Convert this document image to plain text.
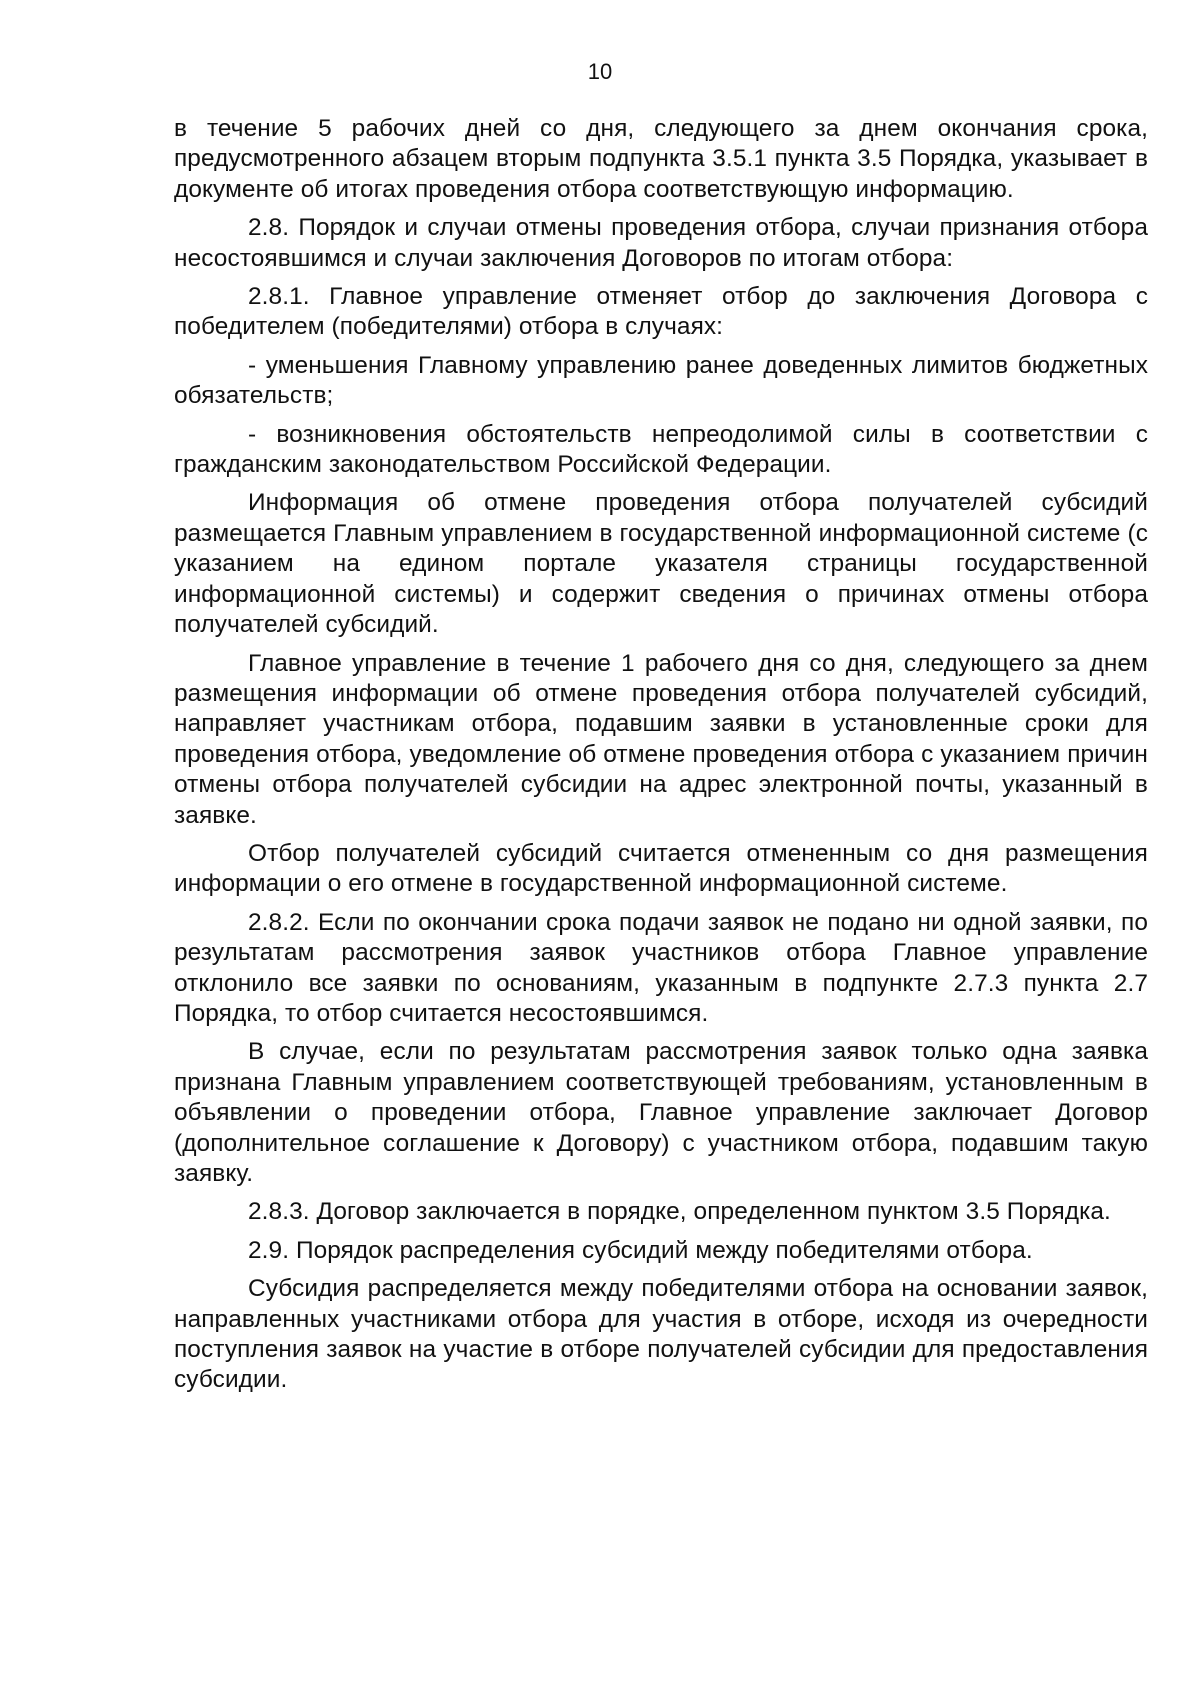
10

в течение 5 рабочих дней со дня, следующего за днем окончания срока, предусмотренного абзацем вторым подпункта 3.5.1 пункта 3.5 Порядка, указывает в документе об итогах проведения отбора соответствующую информацию.

2.8. Порядок и случаи отмены проведения отбора, случаи признания отбора несостоявшимся и случаи заключения Договоров по итогам отбора:

2.8.1. Главное управление отменяет отбор до заключения Договора с победителем (победителями) отбора в случаях:

- уменьшения Главному управлению ранее доведенных лимитов бюджетных обязательств;

- возникновения обстоятельств непреодолимой силы в соответствии с гражданским законодательством Российской Федерации.

Информация об отмене проведения отбора получателей субсидий размещается Главным управлением в государственной информационной системе (с указанием на едином портале указателя страницы государственной информационной системы) и содержит сведения о причинах отмены отбора получателей субсидий.

Главное управление в течение 1 рабочего дня со дня, следующего за днем размещения информации об отмене проведения отбора получателей субсидий, направляет участникам отбора, подавшим заявки в установленные сроки для проведения отбора, уведомление об отмене проведения отбора с указанием причин отмены отбора получателей субсидии на адрес электронной почты, указанный в заявке.

Отбор получателей субсидий считается отмененным со дня размещения информации о его отмене в государственной информационной системе.

2.8.2. Если по окончании срока подачи заявок не подано ни одной заявки, по результатам рассмотрения заявок участников отбора Главное управление отклонило все заявки по основаниям, указанным в подпункте 2.7.3 пункта 2.7 Порядка, то отбор считается несостоявшимся.

В случае, если по результатам рассмотрения заявок только одна заявка признана Главным управлением соответствующей требованиям, установленным в объявлении о проведении отбора, Главное управление заключает Договор (дополнительное соглашение к Договору) с участником отбора, подавшим такую заявку.

2.8.3. Договор заключается в порядке, определенном пунктом 3.5 Порядка.

2.9. Порядок распределения субсидий между победителями отбора.

Субсидия распределяется между победителями отбора на основании заявок, направленных участниками отбора для участия в отборе, исходя из очередности поступления заявок на участие в отборе получателей субсидии для предоставления субсидии.
